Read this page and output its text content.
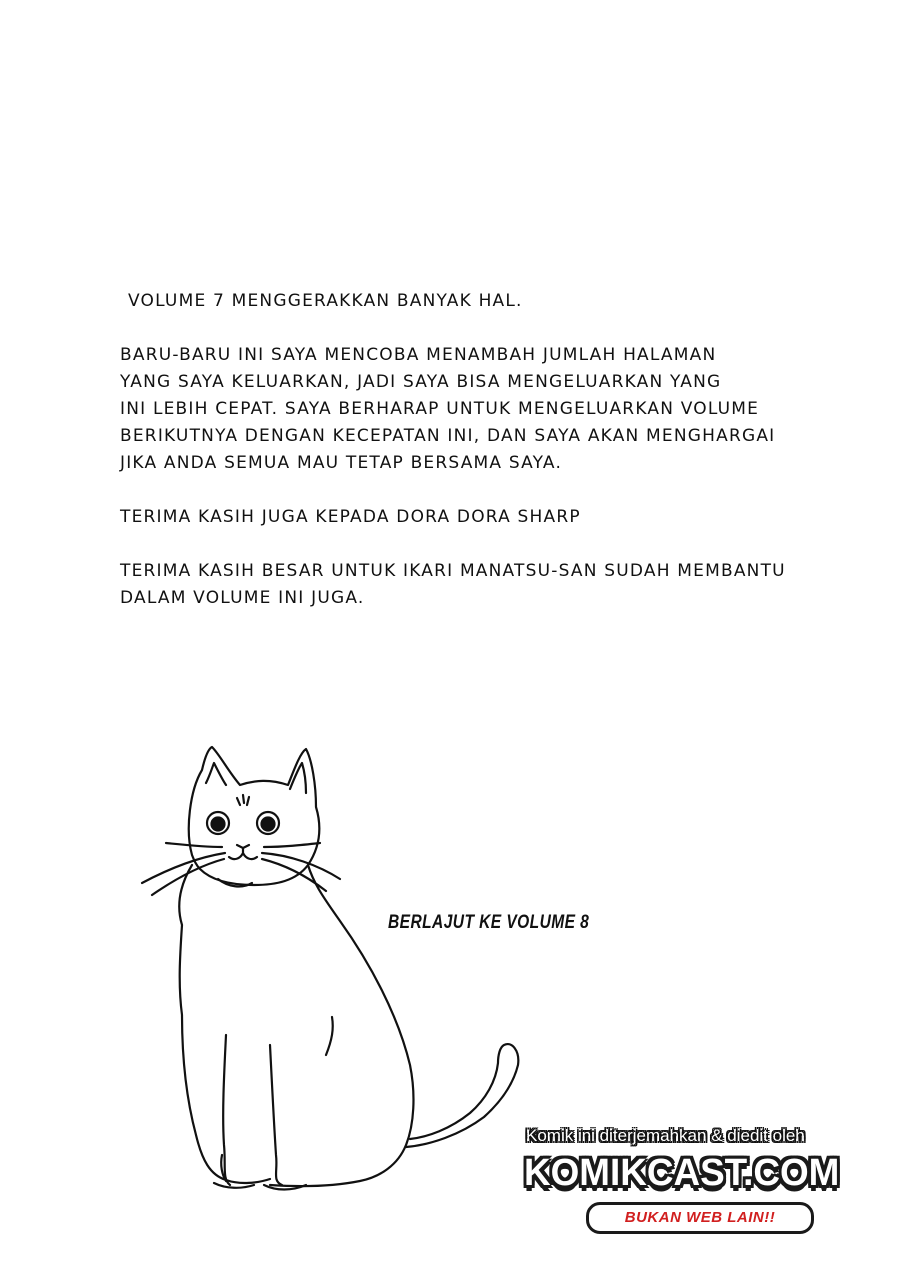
VOLUME 7 MENGGERAKKAN BANYAK HAL.

BARU-BARU INI SAYA MENCOBA MENAMBAH JUMLAH HALAMAN
YANG SAYA KELUARKAN, JADI SAYA BISA MENGELUARKAN YANG
INI LEBIH CEPAT. SAYA BERHARAP UNTUK MENGELUARKAN VOLUME
BERIKUTNYA DENGAN KECEPATAN INI, DAN SAYA AKAN MENGHARGAI
JIKA ANDA SEMUA MAU TETAP BERSAMA SAYA.

TERIMA KASIH JUGA KEPADA DORA DORA SHARP

TERIMA KASIH BESAR UNTUK IKARI MANATSU-SAN SUDAH MEMBANTU
DALAM VOLUME INI JUGA.

BERLAJUT KE VOLUME 8
Komik ini diterjemahkan & diedit oleh
KOMIKCAST.COM
BUKAN WEB LAIN!!
